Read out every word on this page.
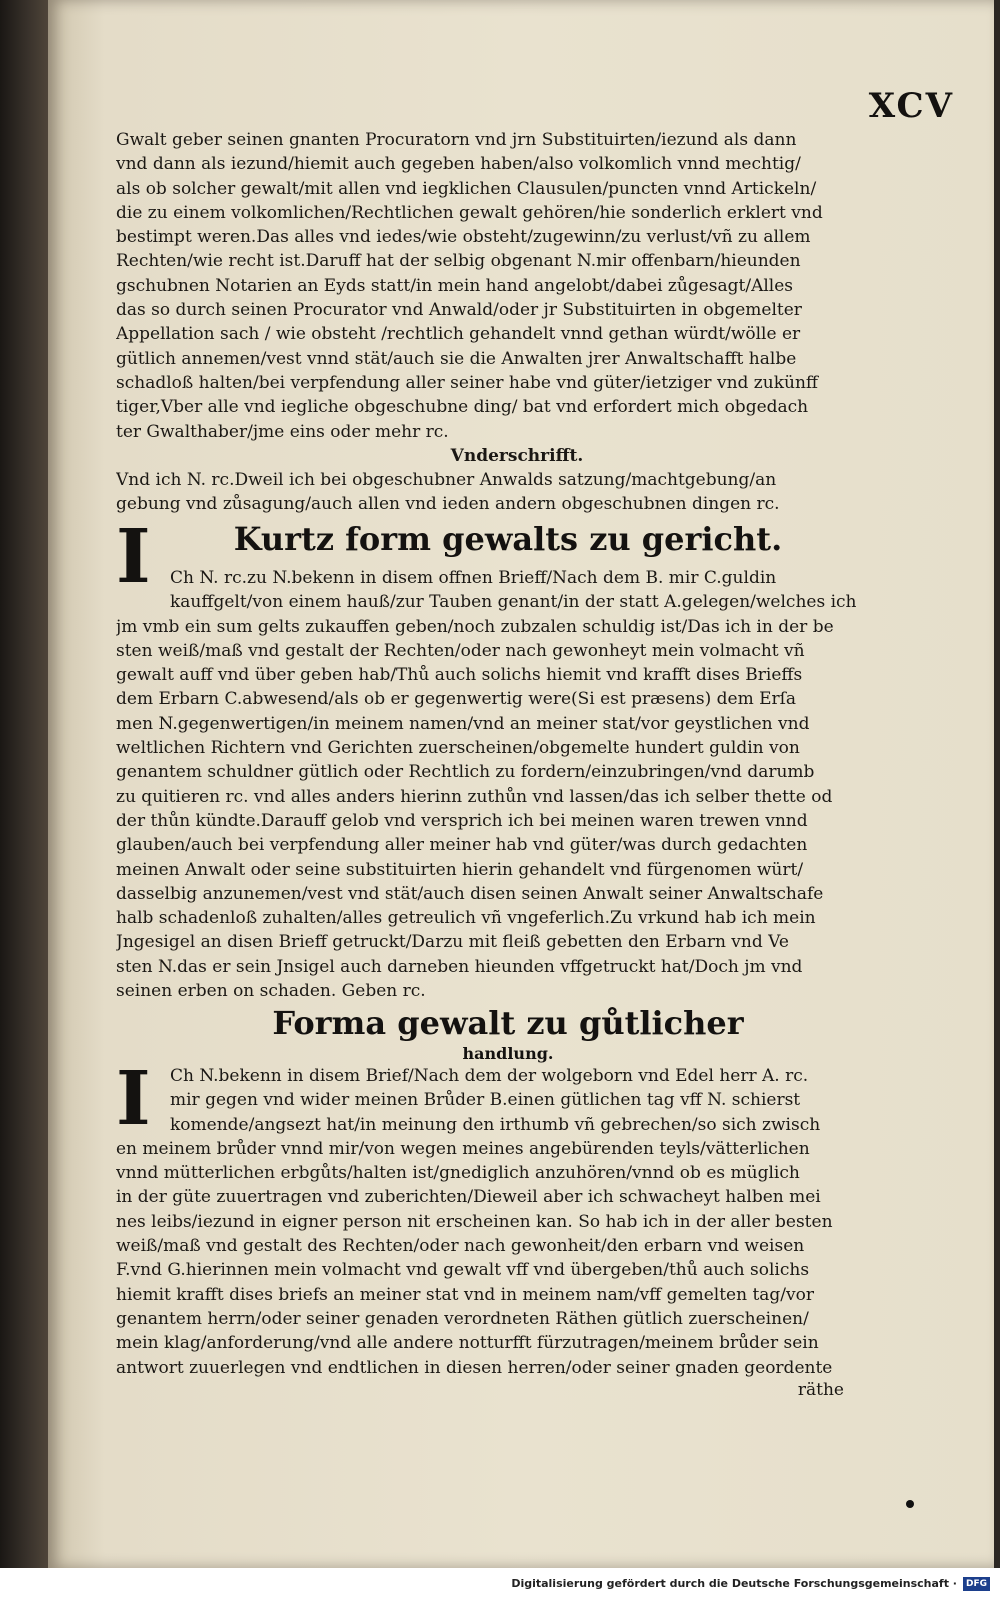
XCV
Gwalt geber seinen gnanten Procuratorn vnd jrn Substituirten/iezund als dann
vnd dann als iezund/hiemit auch gegeben haben/also volkomlich vnnd mechtig/
als ob solcher gewalt/mit allen vnd iegklichen Clausulen/puncten vnnd Artickeln/
die zu einem volkomlichen/Rechtlichen gewalt gehören/hie sonderlich erklert vnd
bestimpt weren.Das alles vnd iedes/wie obsteht/zugewinn/zu verlust/vñ zu allem
Rechten/wie recht ist.Daruff hat der selbig obgenant N.mir offenbarn/hieunden
gschubnen Notarien an Eyds statt/in mein hand angelobt/dabei zůgesagt/Alles
das so durch seinen Procurator vnd Anwald/oder jr Substituirten in obgemelter
Appellation sach / wie obsteht /rechtlich gehandelt vnnd gethan würdt/wölle er
gütlich annemen/vest vnnd stät/auch sie die Anwalten jrer Anwaltschafft halbe
schadloß halten/bei verpfendung aller seiner habe vnd güter/ietziger vnd zukünff
tiger,Vber alle vnd iegliche obgeschubne ding/ bat vnd erfordert mich obgedach
ter Gwalthaber/jme eins oder mehr rc.
Vnderschrifft.
Vnd ich N. rc.Dweil ich bei obgeschubner Anwalds satzung/machtgebung/an
gebung vnd zůsagung/auch allen vnd ieden andern obgeschubnen dingen rc.
I	Kurtz form gewalts zu gericht.
Ch N. rc.zu N.bekenn in disem offnen Brieff/Nach dem B. mir C.guldin
kauffgelt/von einem hauß/zur Tauben genant/in der statt A.gelegen/welches ich
jm vmb ein sum gelts zukauffen geben/noch zubzalen schuldig ist/Das ich in der be
sten weiß/maß vnd gestalt der Rechten/oder nach gewonheyt mein volmacht vñ
gewalt auff vnd über geben hab/Thů auch solichs hiemit vnd krafft dises Brieffs
dem Erbarn C.abwesend/als ob er gegenwertig were(Si est præsens) dem Erſa
men N.gegenwertigen/in meinem namen/vnd an meiner stat/vor geystlichen vnd
weltlichen Richtern vnd Gerichten zuerscheinen/obgemelte hundert guldin von
genantem schuldner gütlich oder Rechtlich zu fordern/einzubringen/vnd darumb
zu quitieren rc. vnd alles anders hierinn zuthůn vnd lassen/das ich selber thette od
der thůn kündte.Darauff gelob vnd versprich ich bei meinen waren trewen vnnd
glauben/auch bei verpfendung aller meiner hab vnd güter/was durch gedachten
meinen Anwalt oder seine substituirten hierin gehandelt vnd fürgenomen würt/
dasselbig anzunemen/vest vnd stät/auch disen seinen Anwalt seiner Anwaltschafe
halb schadenloß zuhalten/alles getreulich vñ vngeferlich.Zu vrkund hab ich mein
Jngesigel an disen Brieff getruckt/Darzu mit fleiß gebetten den Erbarn vnd Ve
sten N.das er sein Jnsigel auch darneben hieunden vffgetruckt hat/Doch jm vnd
seinen erben on schaden. Geben rc.
Forma gewalt zu gůtlicher
handlung.
I	Ch N.bekenn in disem Brief/Nach dem der wolgeborn vnd Edel herr A. rc.
mir gegen vnd wider meinen Brůder B.einen gütlichen tag vff N. schierst
komende/angsezt hat/in meinung den irthumb vñ gebrechen/so sich zwisch
en meinem brůder vnnd mir/von wegen meines angebürenden teyls/vätterlichen
vnnd mütterlichen erbgůts/halten ist/gnediglich anzuhören/vnnd ob es müglich
in der güte zuuertragen vnd zuberichten/Dieweil aber ich schwacheyt halben mei
nes leibs/iezund in eigner person nit erscheinen kan. So hab ich in der aller besten
weiß/maß vnd gestalt des Rechten/oder nach gewonheit/den erbarn vnd weisen
F.vnd G.hierinnen mein volmacht vnd gewalt vff vnd übergeben/thů auch solichs
hiemit krafft dises briefs an meiner stat vnd in meinem nam/vff gemelten tag/vor
genantem herrn/oder seiner genaden verordneten Räthen gütlich zuerscheinen/
mein klag/anforderung/vnd alle andere notturfft fürzutragen/meinem brůder sein
antwort zuuerlegen vnd endtlichen in diesen herren/oder seiner gnaden geordente
räthe
Digitalisierung gefördert durch die Deutsche Forschungsgemeinschaft ·	DFG
